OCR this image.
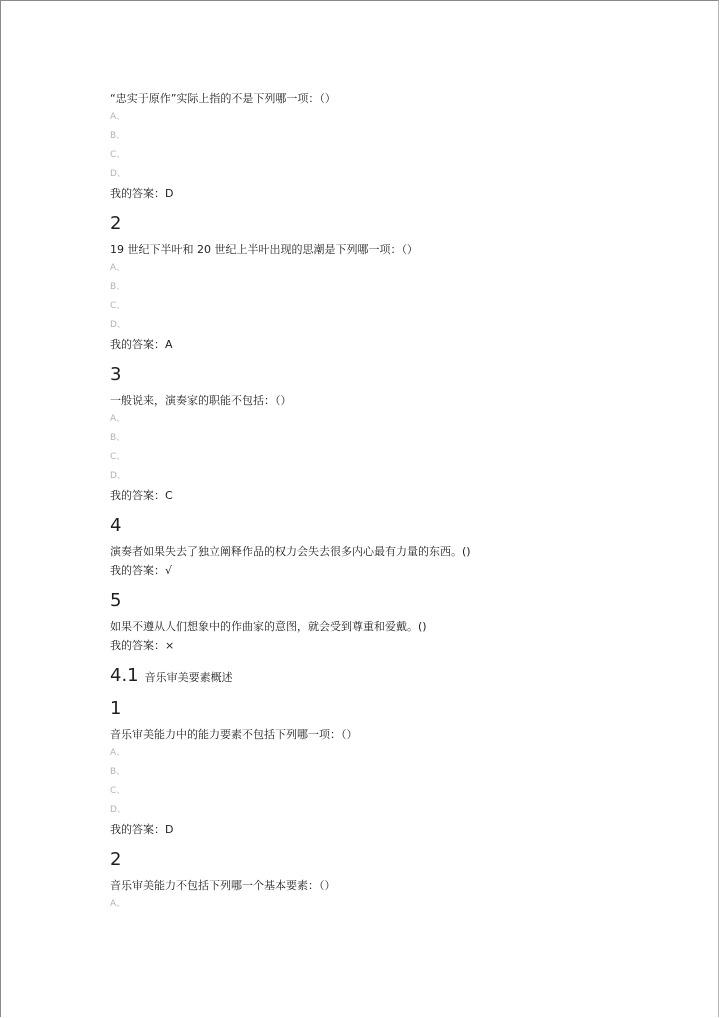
“忠实于原作”实际上指的不是下列哪一项：（）
A、
B、
C、
D、
我的答案：D
2
19 世纪下半叶和 20 世纪上半叶出现的思潮是下列哪一项：（）
A、
B、
C、
D、
我的答案：A
3
一般说来，演奏家的职能不包括：（）
A、
B、
C、
D、
我的答案：C
4
演奏者如果失去了独立阐释作品的权力会失去很多内心最有力量的东西。()
我的答案：√
5
如果不遵从人们想象中的作曲家的意图，就会受到尊重和爱戴。()
我的答案：×
4.1 音乐审美要素概述
1
音乐审美能力中的能力要素不包括下列哪一项：（）
A、
B、
C、
D、
我的答案：D
2
音乐审美能力不包括下列哪一个基本要素：（）
A、
